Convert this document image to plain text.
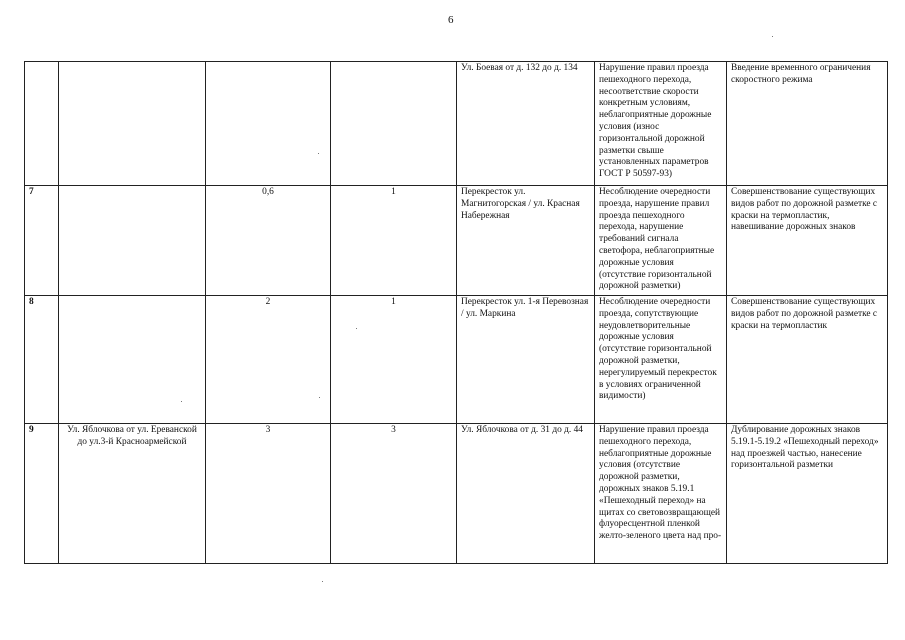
6
				Ул. Боевая от д. 132 до д. 134	Нарушение правил проезда пешеходного перехода, несоответствие скорости конкретным условиям, неблагоприятные дорожные условия (износ горизонтальной дорожной разметки свыше установленных параметров ГОСТ Р 50597-93)	Введение временного ограничения скоростного режима
7		0,6	1	Перекресток ул. Магнитогорская / ул. Красная Набережная	Несоблюдение очередности проезда, нарушение правил проезда пешеходного перехода, нарушение требований сигнала светофора, неблагоприятные дорожные условия (отсутствие горизонтальной дорожной разметки)	Совершенствование существующих видов работ по дорожной разметке с краски на термопластик, навешивание дорожных знаков
8		2	1	Перекресток ул. 1-я Перевозная / ул. Маркина	Несоблюдение очередности проезда, сопутствующие неудовлетворительные дорожные условия (отсутствие горизонтальной дорожной разметки, нерегулируемый перекресток в условиях ограниченной видимости)	Совершенствование существующих видов работ по дорожной разметке с краски на термопластик
9	Ул. Яблочкова от ул. Ереванской до ул.3-й Красноармейской	3	3	Ул. Яблочкова от д. 31 до д. 44	Нарушение правил проезда пешеходного перехода, неблагоприятные дорожные условия (отсутствие дорожной разметки, дорожных знаков 5.19.1 «Пешеходный переход» на щитах со световозвращающей флуоресцентной пленкой желто-зеленого цвета над про-	Дублирование дорожных знаков 5.19.1-5.19.2 «Пешеходный переход» над проезжей частью, нанесение горизонтальной разметки
